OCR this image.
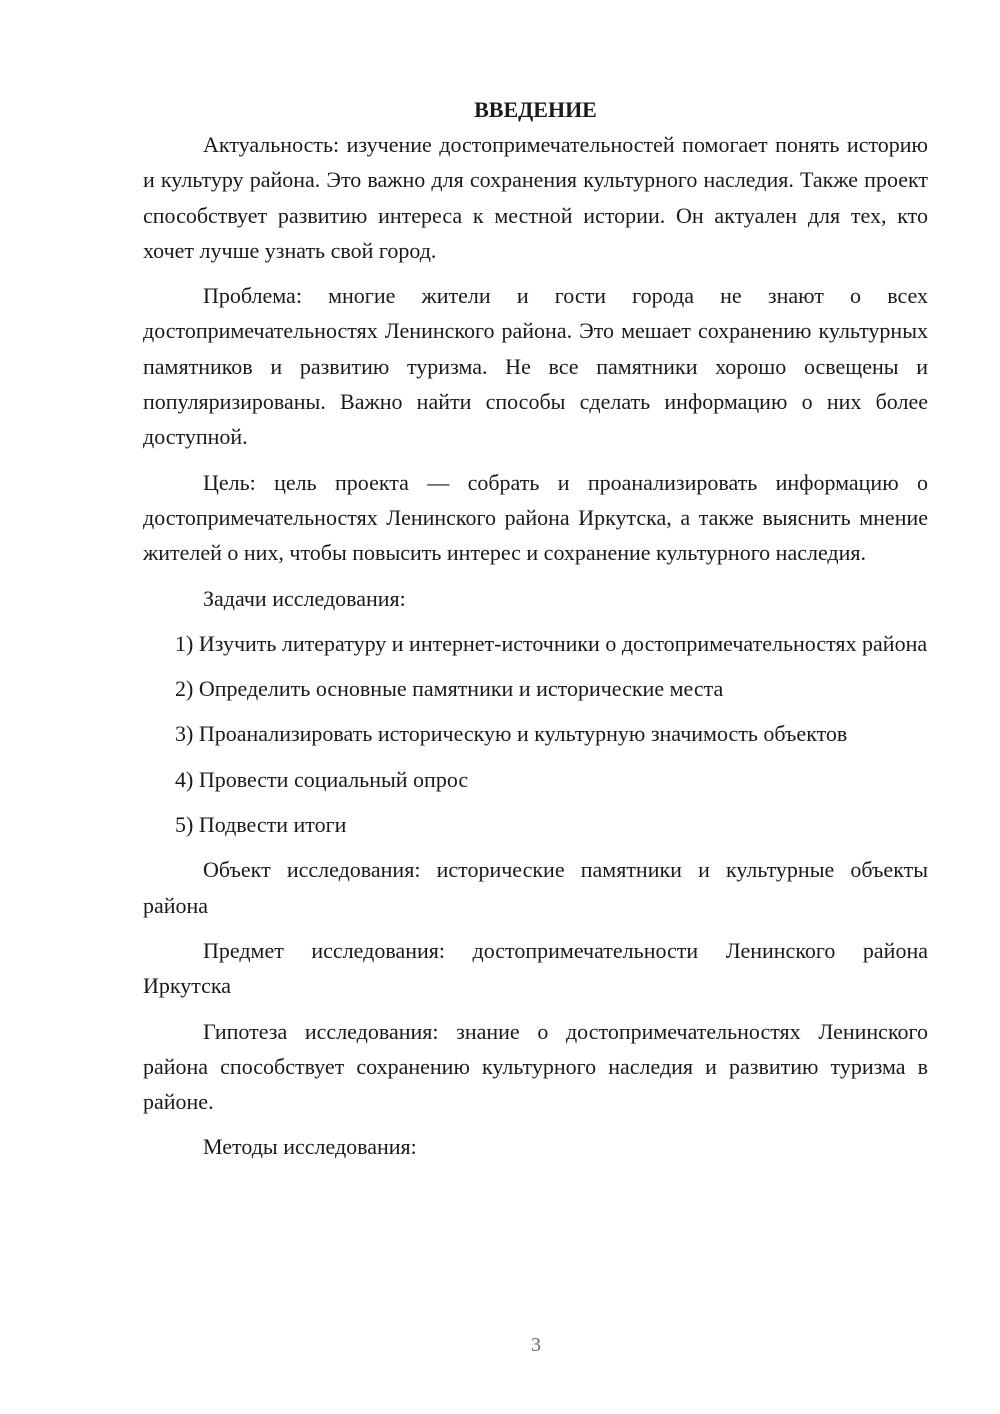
ВВЕДЕНИЕ

Актуальность: изучение достопримечательностей помогает понять историю и культуру района. Это важно для сохранения культурного наследия. Также проект способствует развитию интереса к местной истории. Он актуален для тех, кто хочет лучше узнать свой город.

Проблема: многие жители и гости города не знают о всех достопримечательностях Ленинского района. Это мешает сохранению культурных памятников и развитию туризма. Не все памятники хорошо освещены и популяризированы. Важно найти способы сделать информацию о них более доступной.

Цель: цель проекта — собрать и проанализировать информацию о достопримечательностях Ленинского района Иркутска, а также выяснить мнение жителей о них, чтобы повысить интерес и сохранение культурного наследия.

Задачи исследования:

1) Изучить литературу и интернет-источники о достопримечательностях района

2) Определить основные памятники и исторические места

3) Проанализировать историческую и культурную значимость объектов

4) Провести социальный опрос

5) Подвести итоги

Объект исследования: исторические памятники и культурные объекты района

Предмет исследования: достопримечательности Ленинского района Иркутска

Гипотеза исследования: знание о достопримечательностях Ленинского района способствует сохранению культурного наследия и развитию туризма в районе.

Методы исследования:

3
